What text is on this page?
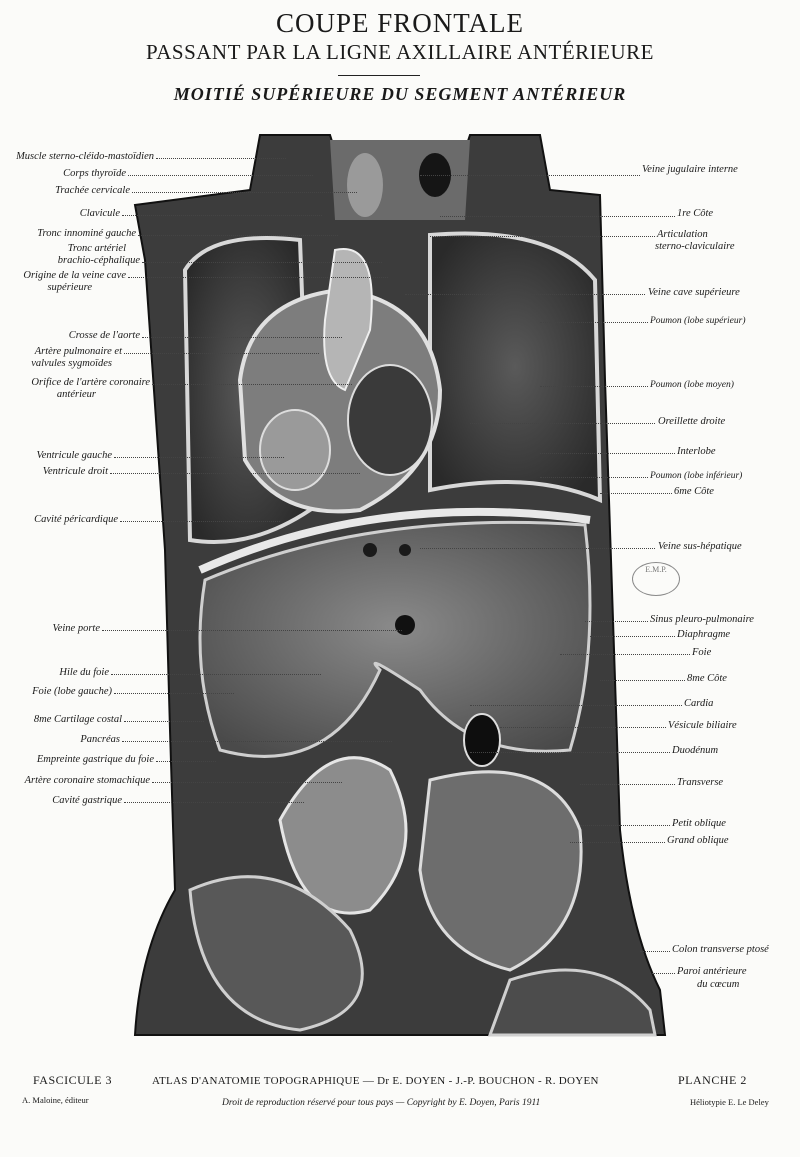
COUPE FRONTALE
PASSANT PAR LA LIGNE AXILLAIRE ANTÉRIEURE
MOITIÉ SUPÉRIEURE DU SEGMENT ANTÉRIEUR
Muscle sterno-cléido-mastoïdien
Corps thyroïde
Trachée cervicale
Clavicule
Tronc innominé gauche
Tronc artériel
brachio-céphalique
Origine de la veine cave
supérieure
Crosse de l'aorte
Artère pulmonaire et
valvules sygmoïdes
Orifice de l'artère coronaire
antérieur
Ventricule gauche
Ventricule droit
Cavité péricardique
Veine porte
Hile du foie
Foie (lobe gauche)
8me Cartilage costal
Pancréas
Empreinte gastrique du foie
Artère coronaire stomachique
Cavité gastrique
Veine jugulaire interne
1re Côte
Articulation
sterno-claviculaire
Veine cave supérieure
Poumon (lobe supérieur)
Poumon (lobe moyen)
Oreillette droite
Interlobe
Poumon (lobe inférieur)
6me Côte
Veine sus-hépatique
E.M.P.
Sinus pleuro-pulmonaire
Diaphragme
Foie
8me Côte
Cardia
Vésicule biliaire
Duodénum
Transverse
Petit oblique
Grand oblique
Colon transverse ptosé
Paroi antérieure
du cœcum
FASCICULE 3	ATLAS D'ANATOMIE TOPOGRAPHIQUE — Dr E. DOYEN - J.-P. BOUCHON - R. DOYEN	PLANCHE 2
A. Maloine, éditeur	Droit de reproduction réservé pour tous pays — Copyright by E. Doyen, Paris 1911	Héliotypie E. Le Deley
